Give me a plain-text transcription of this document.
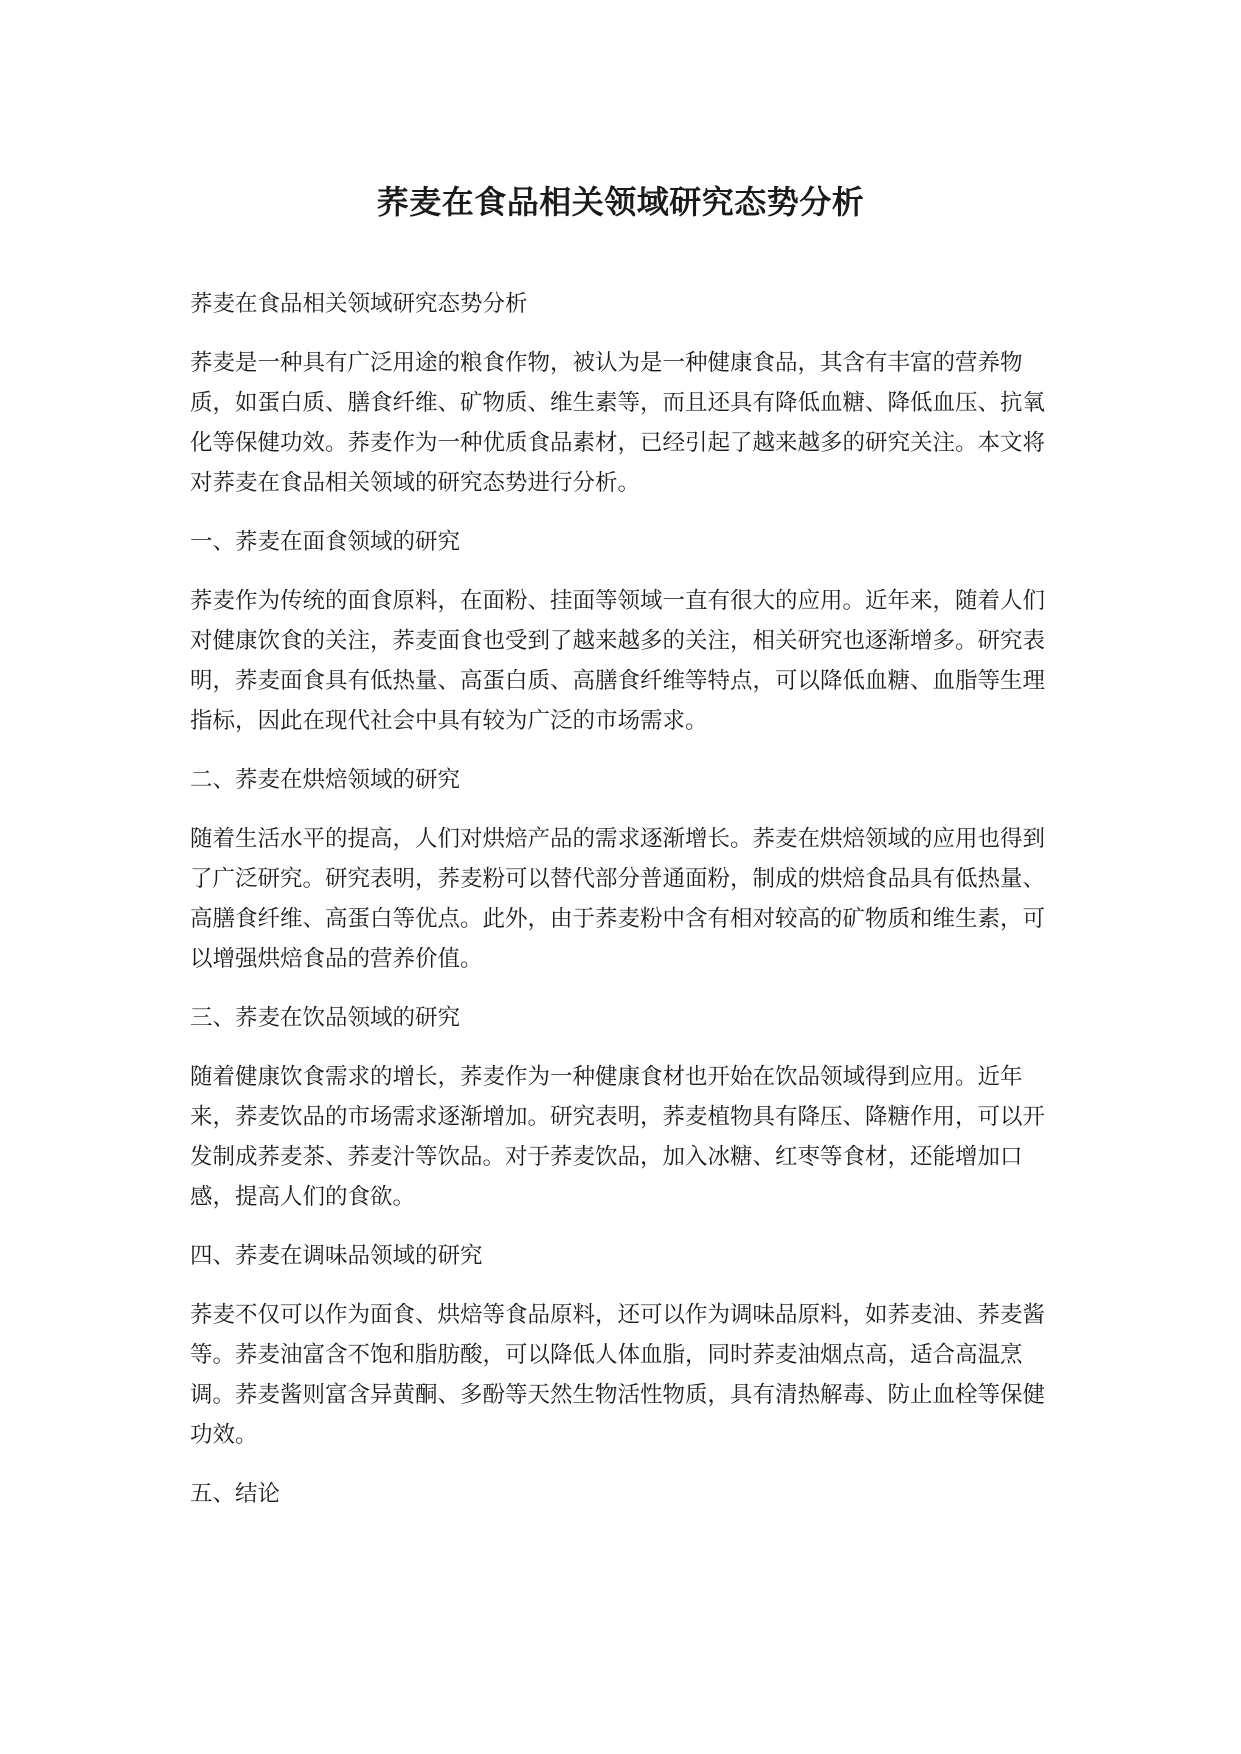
荞麦在食品相关领域研究态势分析

荞麦在食品相关领域研究态势分析

荞麦是一种具有广泛用途的粮食作物，被认为是一种健康食品，其含有丰富的营养物质，如蛋白质、膳食纤维、矿物质、维生素等，而且还具有降低血糖、降低血压、抗氧化等保健功效。荞麦作为一种优质食品素材，已经引起了越来越多的研究关注。本文将对荞麦在食品相关领域的研究态势进行分析。

一、荞麦在面食领域的研究

荞麦作为传统的面食原料，在面粉、挂面等领域一直有很大的应用。近年来，随着人们对健康饮食的关注，荞麦面食也受到了越来越多的关注，相关研究也逐渐增多。研究表明，荞麦面食具有低热量、高蛋白质、高膳食纤维等特点，可以降低血糖、血脂等生理指标，因此在现代社会中具有较为广泛的市场需求。

二、荞麦在烘焙领域的研究

随着生活水平的提高，人们对烘焙产品的需求逐渐增长。荞麦在烘焙领域的应用也得到了广泛研究。研究表明，荞麦粉可以替代部分普通面粉，制成的烘焙食品具有低热量、高膳食纤维、高蛋白等优点。此外，由于荞麦粉中含有相对较高的矿物质和维生素，可以增强烘焙食品的营养价值。

三、荞麦在饮品领域的研究

随着健康饮食需求的增长，荞麦作为一种健康食材也开始在饮品领域得到应用。近年来，荞麦饮品的市场需求逐渐增加。研究表明，荞麦植物具有降压、降糖作用，可以开发制成荞麦茶、荞麦汁等饮品。对于荞麦饮品，加入冰糖、红枣等食材，还能增加口感，提高人们的食欲。

四、荞麦在调味品领域的研究

荞麦不仅可以作为面食、烘焙等食品原料，还可以作为调味品原料，如荞麦油、荞麦酱等。荞麦油富含不饱和脂肪酸，可以降低人体血脂，同时荞麦油烟点高，适合高温烹调。荞麦酱则富含异黄酮、多酚等天然生物活性物质，具有清热解毒、防止血栓等保健功效。

五、结论
